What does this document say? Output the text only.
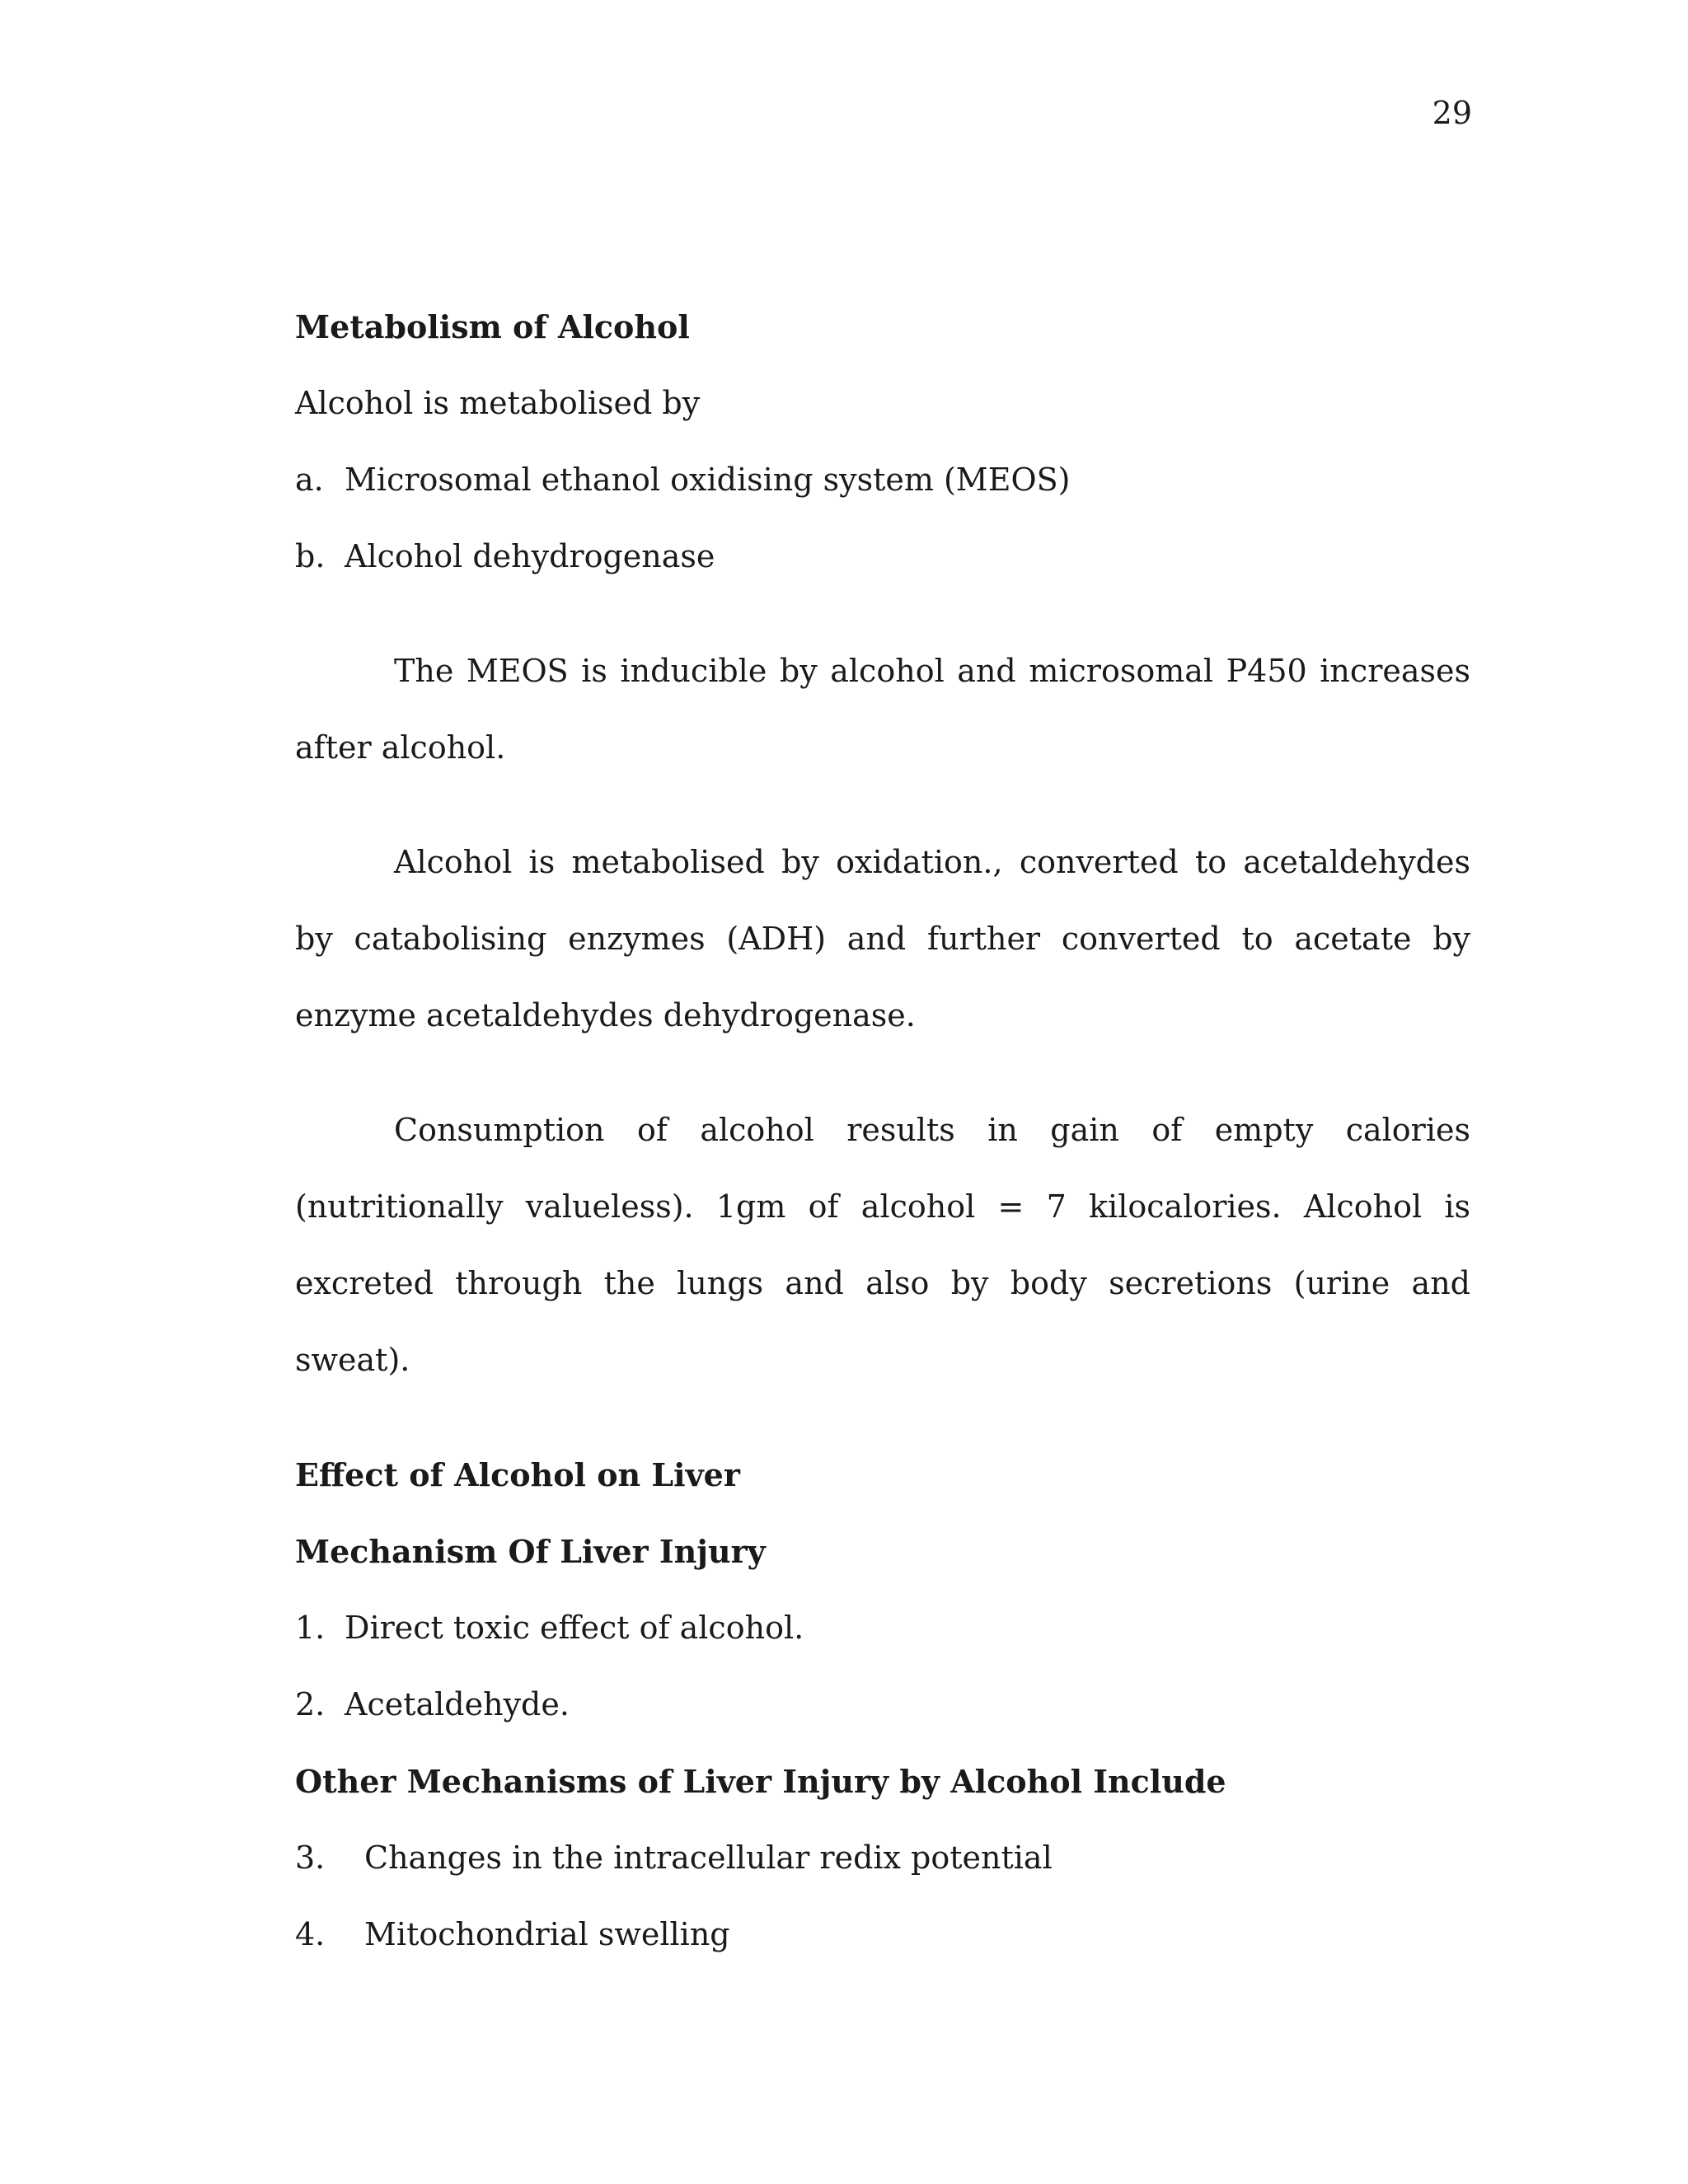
29

Metabolism of Alcohol

Alcohol is metabolised by

a. Microsomal ethanol oxidising system (MEOS)
b. Alcohol dehydrogenase

The MEOS is inducible by alcohol and microsomal P450 increases after alcohol.

Alcohol is metabolised by oxidation., converted to acetaldehydes by catabolising enzymes (ADH) and further converted to acetate by enzyme acetaldehydes dehydrogenase.

Consumption of alcohol results in gain of empty calories (nutritionally valueless). 1gm of alcohol = 7 kilocalories. Alcohol is excreted through the lungs and also by body secretions (urine and sweat).

Effect of Alcohol on Liver

Mechanism Of Liver Injury

1. Direct toxic effect of alcohol.
2. Acetaldehyde.

Other Mechanisms of Liver Injury by Alcohol Include

3.	Changes in the intracellular redix potential
4.	Mitochondrial swelling
